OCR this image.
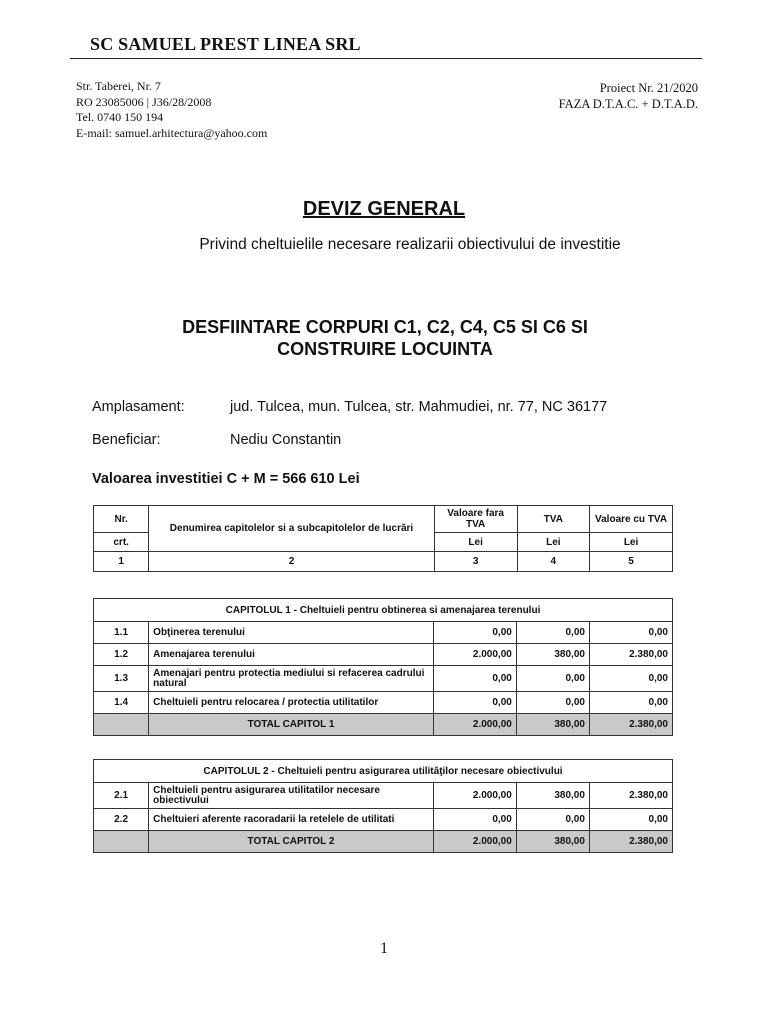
SC SAMUEL PREST LINEA SRL
Str. Taberei, Nr. 7
RO 23085006 | J36/28/2008
Tel. 0740 150 194
E-mail: samuel.arhitectura@yahoo.com
Proiect Nr. 21/2020
FAZA D.T.A.C. + D.T.A.D.
DEVIZ GENERAL
Privind cheltuielile necesare realizarii obiectivului de investitie
DESFIINTARE CORPURI C1, C2, C4, C5 SI C6 SI
CONSTRUIRE LOCUINTA
Amplasament:	jud. Tulcea, mun. Tulcea, str. Mahmudiei, nr. 77, NC 36177
Beneficiar:	Nediu Constantin
Valoarea investitiei C + M = 566 610 Lei
Nr.	Denumirea capitolelor si a subcapitolelor de lucrări	Valoare fara TVA	TVA	Valoare cu TVA
crt.		Lei	Lei	Lei
1	2	3	4	5
CAPITOLUL 1 - Cheltuieli pentru obtinerea si amenajarea terenului				
1.1	Obţinerea terenului	0,00	0,00	0,00
1.2	Amenajarea terenului	2.000,00	380,00	2.380,00
1.3	Amenajari pentru protectia mediului si refacerea cadrului natural	0,00	0,00	0,00
1.4	Cheltuieli pentru relocarea / protectia utilitatilor	0,00	0,00	0,00
	TOTAL CAPITOL 1	2.000,00	380,00	2.380,00
CAPITOLUL 2 - Cheltuieli pentru asigurarea utilităţilor necesare obiectivului				
2.1	Cheltuieli pentru asigurarea utilitatilor necesare obiectivului	2.000,00	380,00	2.380,00
2.2	Cheltuieri aferente racoradarii la retelele de utilitati	0,00	0,00	0,00
	TOTAL CAPITOL 2	2.000,00	380,00	2.380,00
1
